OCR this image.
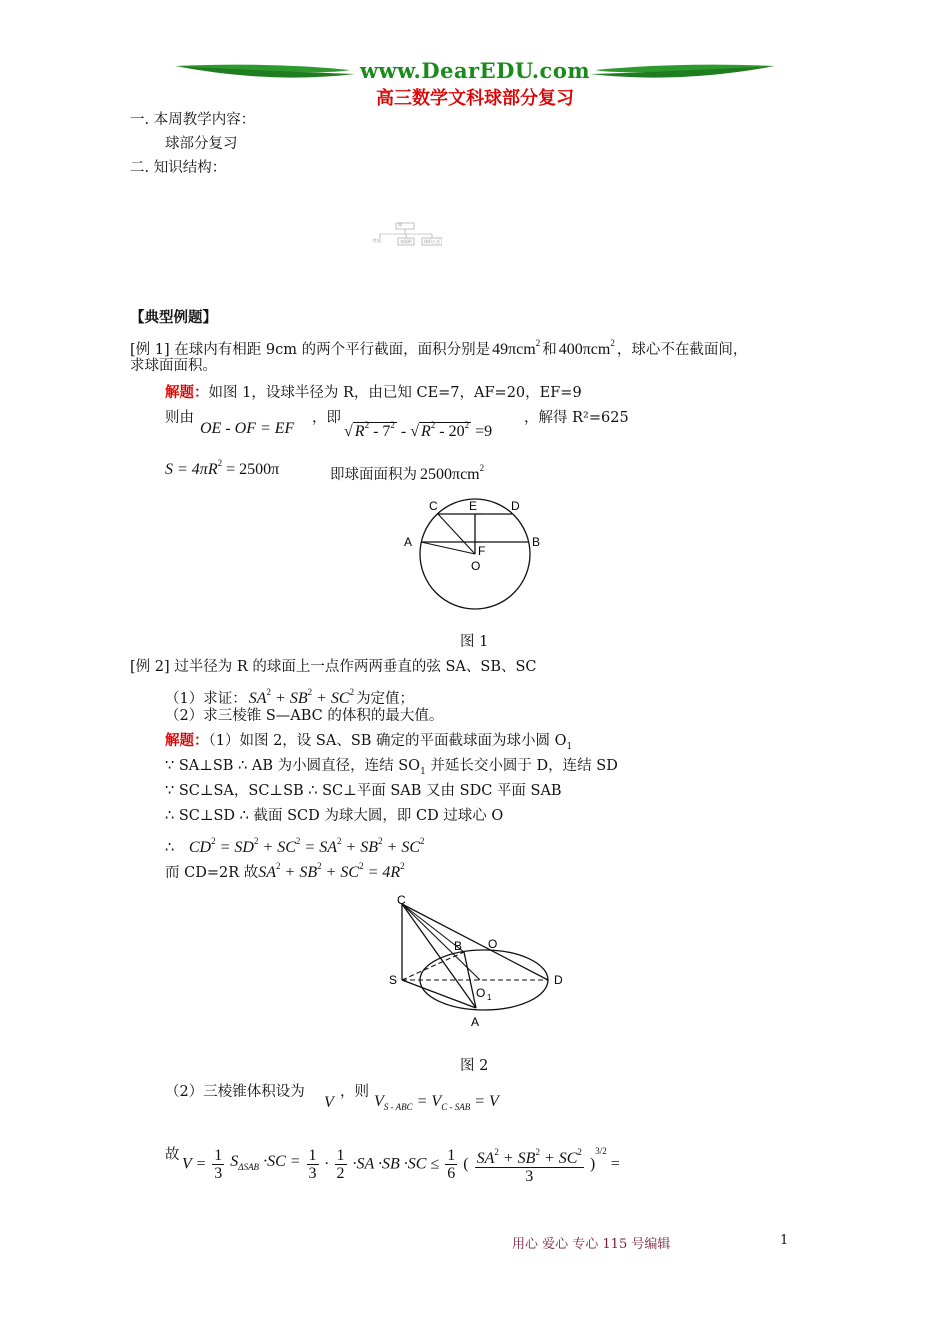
www.DearEDU.com
高三数学文科球部分复习
一. 本周教学内容：
球部分复习
二. 知识结构：
球
性质	表面积	体积公式
【典型例题】
[例 1] 在球内有相距 9cm 的两个平行截面，面积分别是 49πcm$^2$ 和 400πcm$^2$ ，球心不在截面间，
求球面面积。
解题：如图 1，设球半径为 R，由已知 CE=7，AF=20，EF=9
则由
OE - OF = EF
，即
√ $R^2 - 7^2$ - √ $R^2 - 20^2 =9$
，解得 R²=625
$S = 4\pi R^2 = 2500\pi$	即球面面积为 2500πcm$^2$
C	E	D
A
F
B
O
图 1
[例 2] 过半径为 R 的球面上一点作两两垂直的弦 SA、SB、SC
（1）求证： $SA^2 + SB^2 + SC^2$ 为定值；
（2）求三棱锥 S—ABC 的体积的最大值。
解题：（1）如图 2，设 SA、SB 确定的平面截球面为球小圆 $O_1$
∵ SA⊥SB ∴ AB 为小圆直径，连结 $SO_1$ 并延长交小圆于 D，连结 SD
∵ SC⊥SA，SC⊥SB ∴ SC⊥平面 SAB 又由 SDC 平面 SAB
∴ SC⊥SD ∴ 截面 SCD 为球大圆，即 CD 过球心 O
∴ $CD^2 = SD^2 + SC^2 = SA^2 + SB^2 + SC^2$
而 CD=2R 故$SA^2 + SB^2 + SC^2 = 4R^2$
C
B O
S	D
O 1
A
图 2
（2）三棱锥体积设为
V
，则
$V_{S - ABC} = V_{C - SAB} = V$
故
$V = \frac{1}{3} S_{\Delta SAB} \cdot SC = \frac{1}{3} \cdot \frac{1}{2} \cdot SA \cdot SB \cdot SC \le \frac{1}{6}$ ( $\frac{SA^2 + SB^2 + SC^2}{3} )^{3/2}$ =
用心 爱心 专心 115 号编辑	1
